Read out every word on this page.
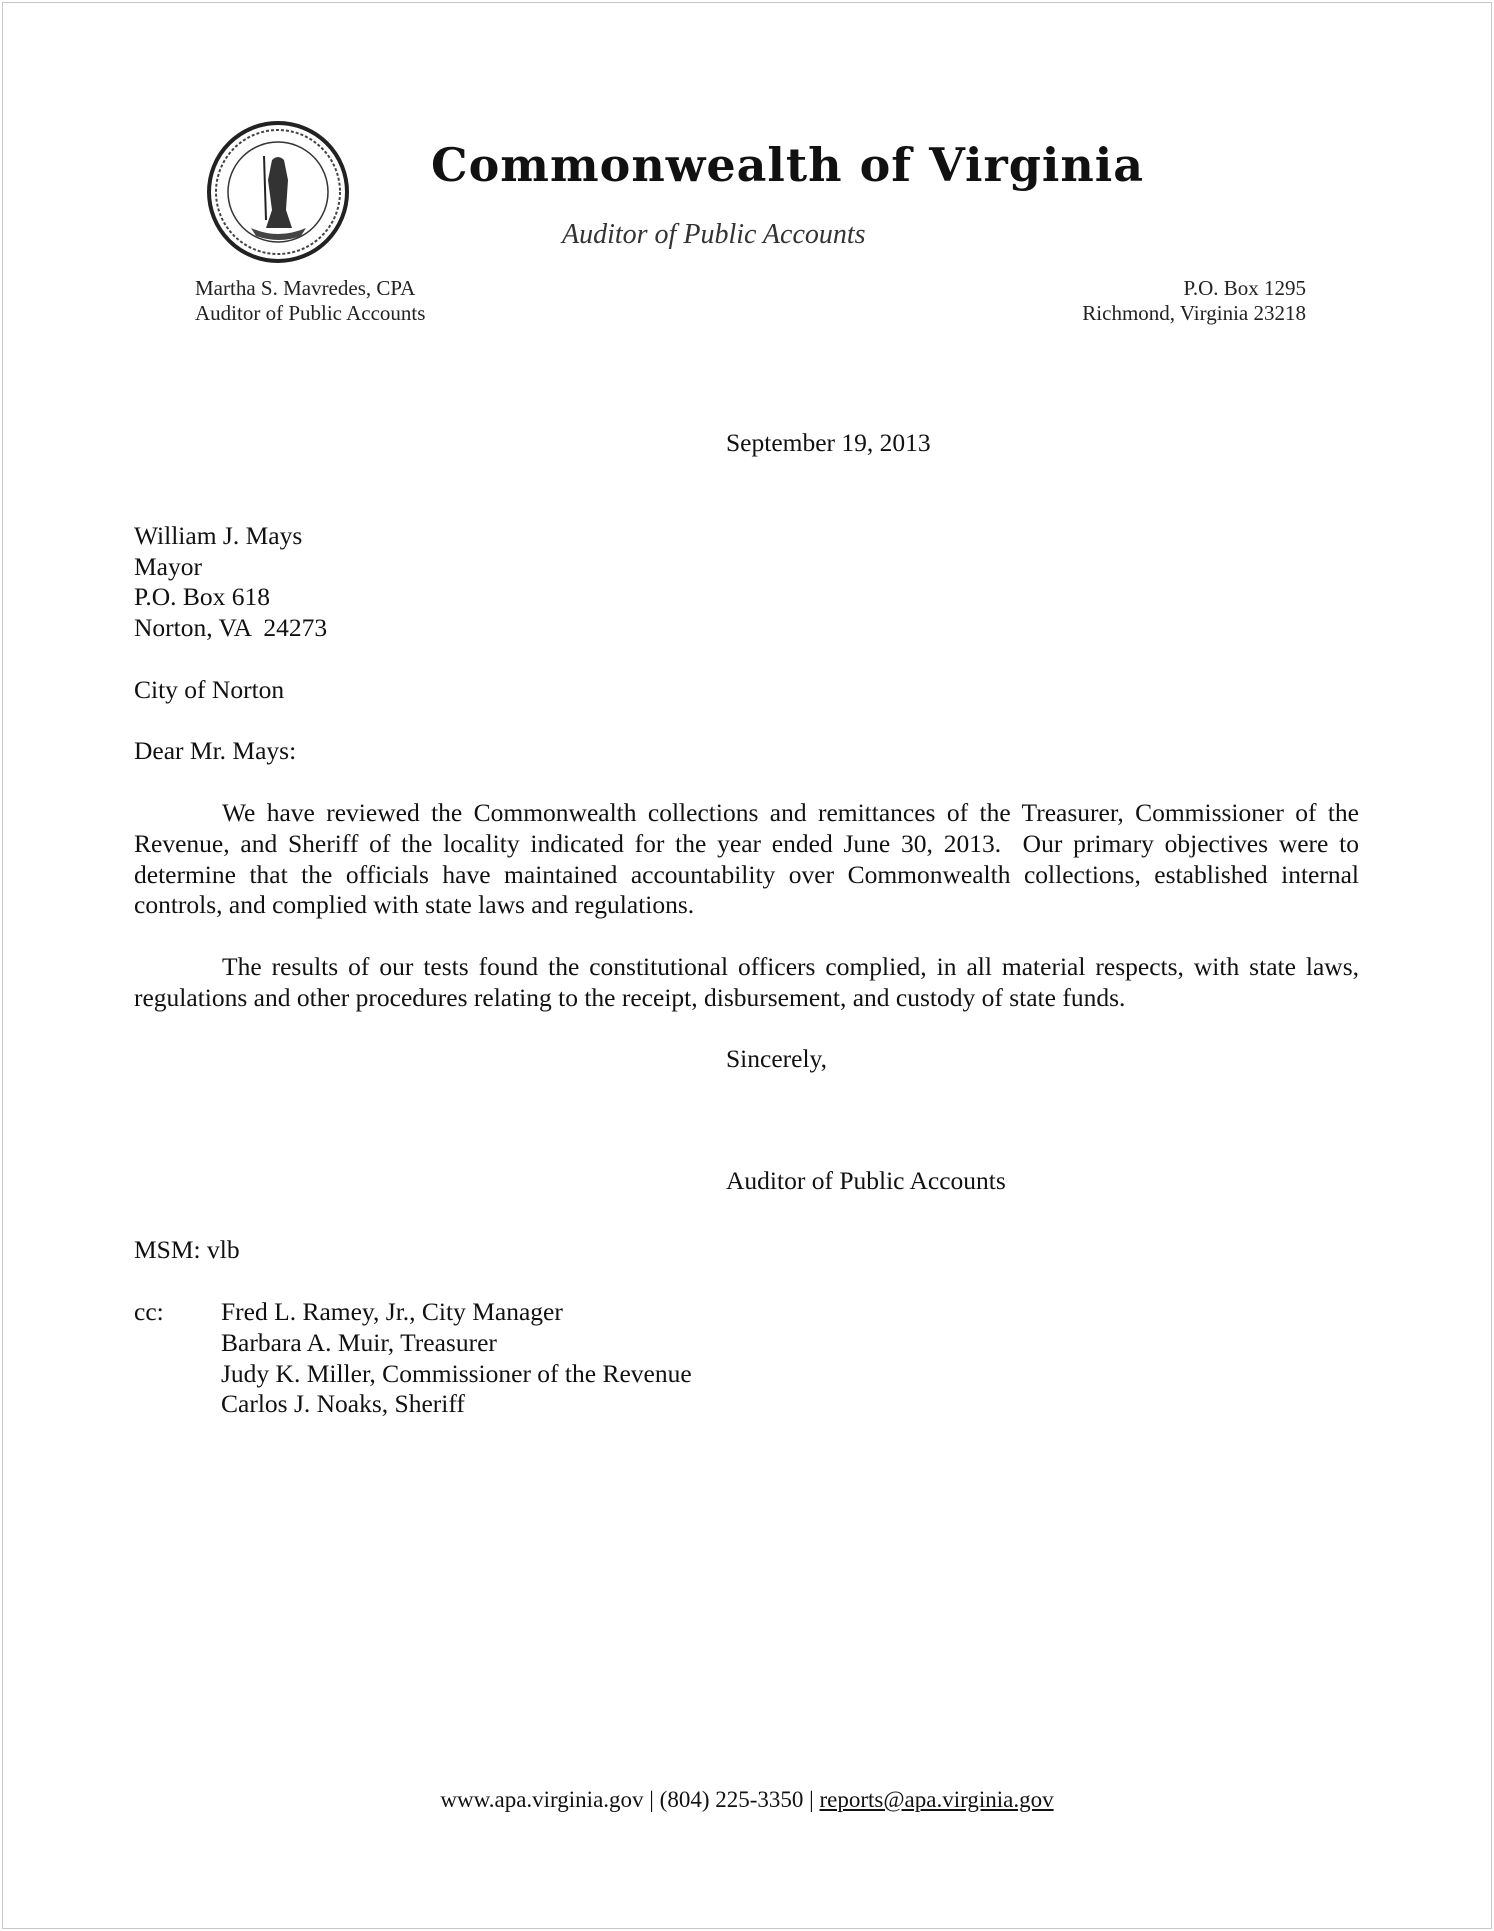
Commonwealth of Virginia
Auditor of Public Accounts
Martha S. Mavredes, CPA
Auditor of Public Accounts
P.O. Box 1295
Richmond, Virginia 23218
September 19, 2013
William J. Mays
Mayor
P.O. Box 618
Norton, VA  24273
City of Norton
Dear Mr. Mays:
We have reviewed the Commonwealth collections and remittances of the Treasurer, Commissioner of the Revenue, and Sheriff of the locality indicated for the year ended June 30, 2013.  Our primary objectives were to determine that the officials have maintained accountability over Commonwealth collections, established internal controls, and complied with state laws and regulations.
The results of our tests found the constitutional officers complied, in all material respects, with state laws, regulations and other procedures relating to the receipt, disbursement, and custody of state funds.
Sincerely,
Auditor of Public Accounts
MSM: vlb
cc: Fred L. Ramey, Jr., City Manager
Barbara A. Muir, Treasurer
Judy K. Miller, Commissioner of the Revenue
Carlos J. Noaks, Sheriff
www.apa.virginia.gov | (804) 225-3350 | reports@apa.virginia.gov
